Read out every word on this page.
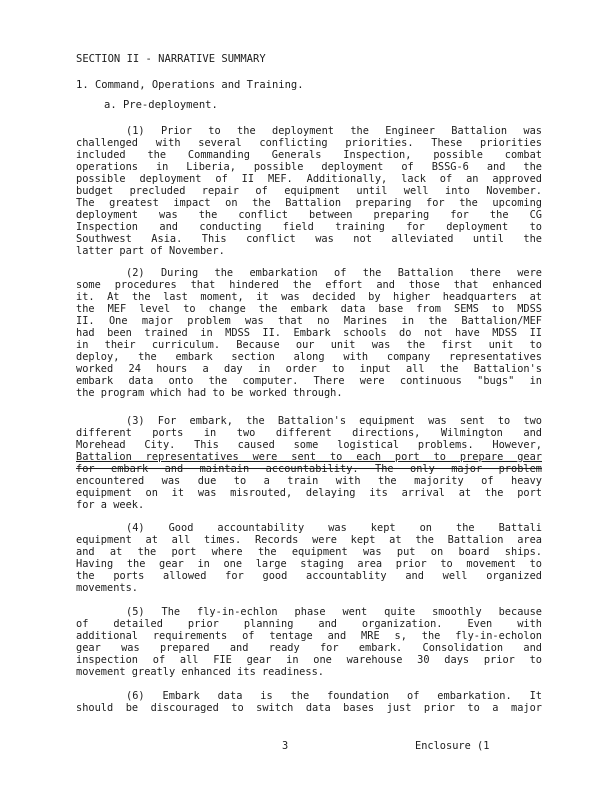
SECTION II - NARRATIVE SUMMARY
1. Command, Operations and Training.
a. Pre-deployment.
(1) Prior to the deployment the Engineer Battalion was
challenged with several conflicting priorities. These priorities
included the Commanding Generals Inspection, possible combat
operations in Liberia, possible deployment of BSSG-6 and the
possible deployment of II MEF. Additionally, lack of an approved
budget precluded repair of equipment until well into November.
The greatest impact on the Battalion preparing for the upcoming
deployment was the conflict between preparing for the CG
Inspection and conducting field training for deployment to
Southwest Asia. This conflict was not alleviated until the
latter part of November.
(2) During the embarkation of the Battalion there were
some procedures that hindered the effort and those that enhanced
it. At the last moment, it was decided by higher headquarters at
the MEF level to change the embark data base from SEMS to MDSS
II. One major problem was that no Marines in the Battalion/MEF
had been trained in MDSS II. Embark schools do not have MDSS II
in their curriculum. Because our unit was the first unit to
deploy, the embark section along with company representatives
worked 24 hours a day in order to input all the Battalion's
embark data onto the computer. There were continuous "bugs" in
the program which had to be worked through.
(3) For embark, the Battalion's equipment was sent to two
different ports in two different directions, Wilmington and
Morehead City. This caused some logistical problems. However,
Battalion representatives were sent to each port to prepare gear
for embark and maintain accountability. The only major problem
encountered was due to a train with the majority of heavy
equipment on it was misrouted, delaying its arrival at the port
for a week.
(4) Good accountability was kept on the Battali
equipment at all times. Records were kept at the Battalion area
and at the port where the equipment was put on board ships.
Having the gear in one large staging area prior to movement to
the ports allowed for good accountablity and well organized
movements.
(5) The fly-in-echlon phase went quite smoothly because
of detailed prior planning and organization. Even with
additional requirements of tentage and MRE s, the fly-in-echolon
gear was prepared and ready for embark. Consolidation and
inspection of all FIE gear in one warehouse 30 days prior to
movement greatly enhanced its readiness.
(6) Embark data is the foundation of embarkation. It
should be discouraged to switch data bases just prior to a major
3	Enclosure (1
